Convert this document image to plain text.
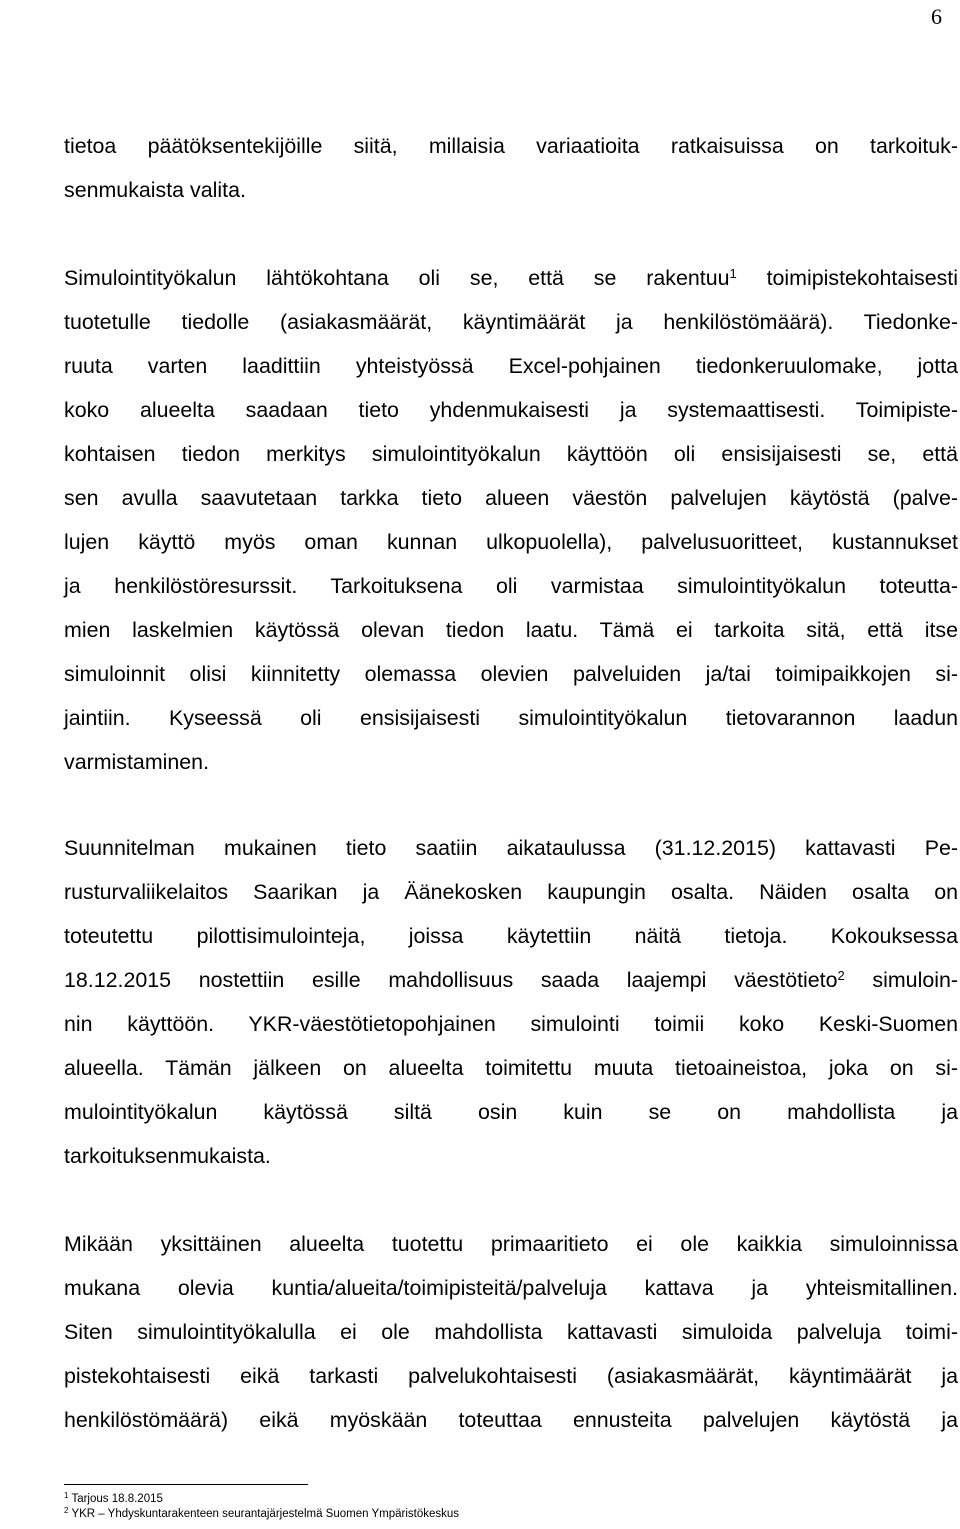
6
tietoa päätöksentekijöille siitä, millaisia variaatioita ratkaisuissa on tarkoituk-
senmukaista valita.
Simulointityökalun lähtökohtana oli se, että se rakentuu$^1$ toimipistekohtaisesti
tuotetulle tiedolle (asiakasmäärät, käyntimäärät ja henkilöstömäärä). Tiedonke-
ruuta varten laadittiin yhteistyössä Excel-pohjainen tiedonkeruulomake, jotta
koko alueelta saadaan tieto yhdenmukaisesti ja systemaattisesti. Toimipiste-
kohtaisen tiedon merkitys simulointityökalun käyttöön oli ensisijaisesti se, että
sen avulla saavutetaan tarkka tieto alueen väestön palvelujen käytöstä (palve-
lujen käyttö myös oman kunnan ulkopuolella), palvelusuoritteet, kustannukset
ja henkilöstöresurssit. Tarkoituksena oli varmistaa simulointityökalun toteutta-
mien laskelmien käytössä olevan tiedon laatu. Tämä ei tarkoita sitä, että itse
simuloinnit olisi kiinnitetty olemassa olevien palveluiden ja/tai toimipaikkojen si-
jaintiin. Kyseessä oli ensisijaisesti simulointityökalun tietovarannon laadun
varmistaminen.
Suunnitelman mukainen tieto saatiin aikataulussa (31.12.2015) kattavasti Pe-
rusturvaliikelaitos Saarikan ja Äänekosken kaupungin osalta. Näiden osalta on
toteutettu pilottisimulointeja, joissa käytettiin näitä tietoja. Kokouksessa
18.12.2015 nostettiin esille mahdollisuus saada laajempi väestötieto$^2$ simuloin-
nin käyttöön. YKR-väestötietopohjainen simulointi toimii koko Keski-Suomen
alueella. Tämän jälkeen on alueelta toimitettu muuta tietoaineistoa, joka on si-
mulointityökalun käytössä siltä osin kuin se on mahdollista ja
tarkoituksenmukaista.
Mikään yksittäinen alueelta tuotettu primaaritieto ei ole kaikkia simuloinnissa
mukana olevia kuntia/alueita/toimipisteitä/palveluja kattava ja yhteismitallinen.
Siten simulointityökalulla ei ole mahdollista kattavasti simuloida palveluja toimi-
pistekohtaisesti eikä tarkasti palvelukohtaisesti (asiakasmäärät, käyntimäärät ja
henkilöstömäärä) eikä myöskään toteuttaa ennusteita palvelujen käytöstä ja
$^1$ Tarjous 18.8.2015
$^2$ YKR – Yhdyskuntarakenteen seurantajärjestelmä Suomen Ympäristökeskus
